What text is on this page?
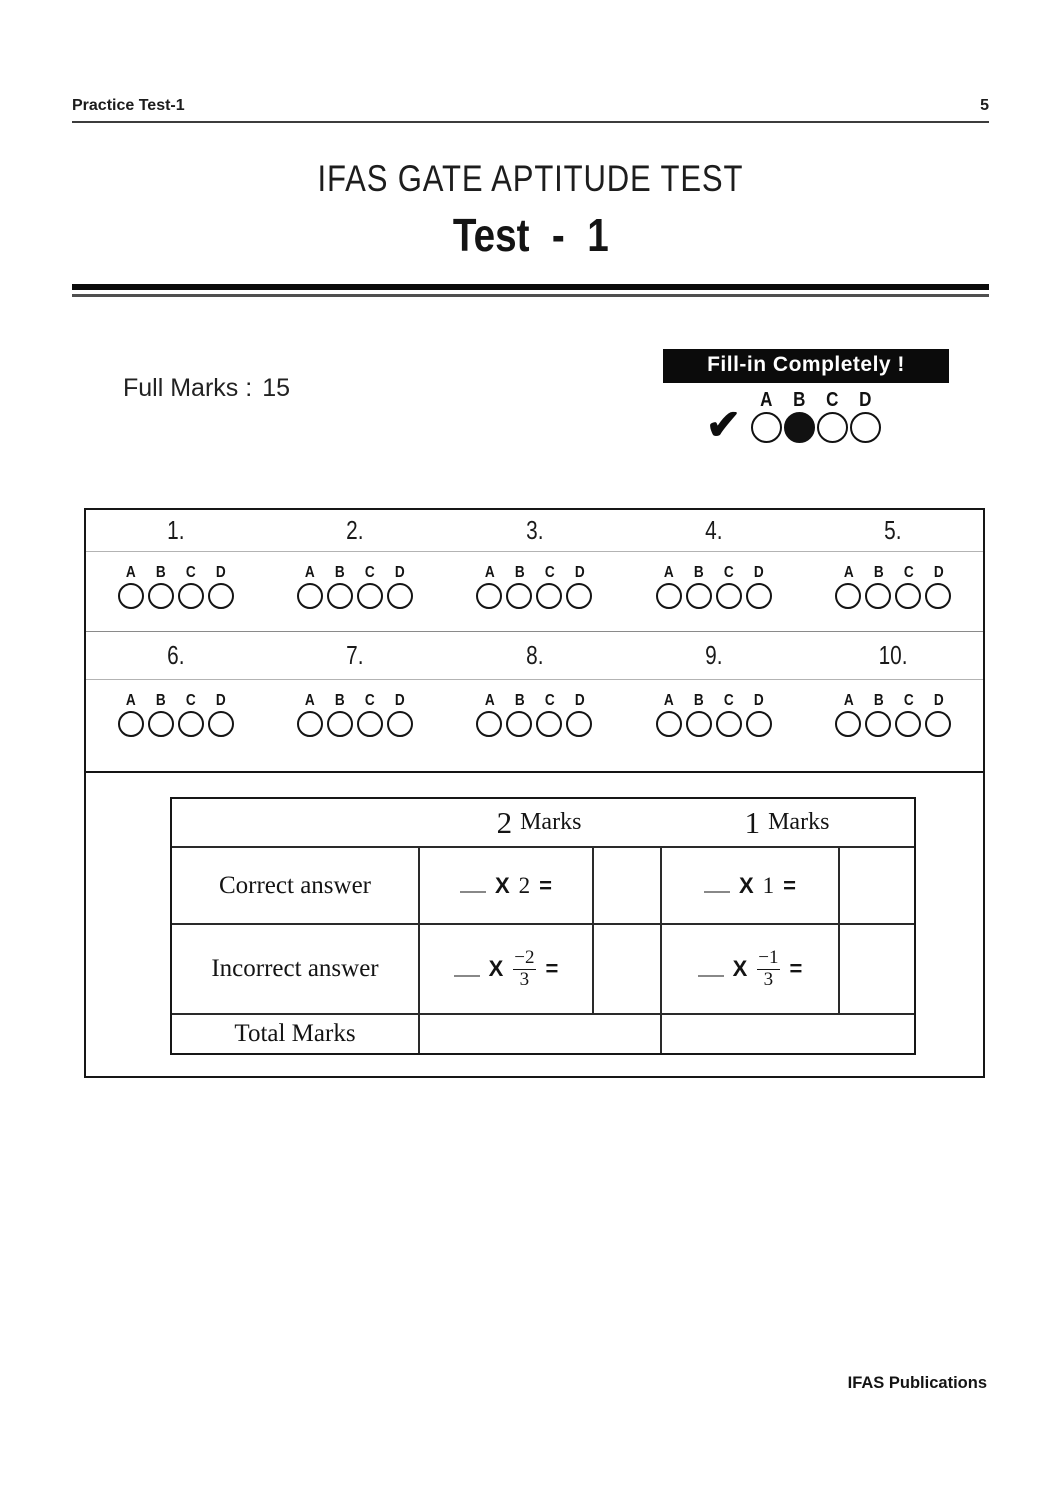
Practice Test-1	5
IFAS GATE APTITUDE TEST
Test - 1
Full Marks : 15
Fill-in Completely !
✔
A	B	C	D
1.	2.	3.	4.	5.
A	B	C	D	A	B	C	D	A	B	C	D	A	B	C	D	A	B	C	D
6.	7.	8.	9.	10.
A	B	C	D	A	B	C	D	A	B	C	D	A	B	C	D	A	B	C	D
2 Marks	1 Marks
Correct answer	X 2 =	X 1 =
Incorrect answer	X $\frac{-2}{3}$ =	X $\frac{-1}{3}$ =
Total Marks
IFAS Publications
